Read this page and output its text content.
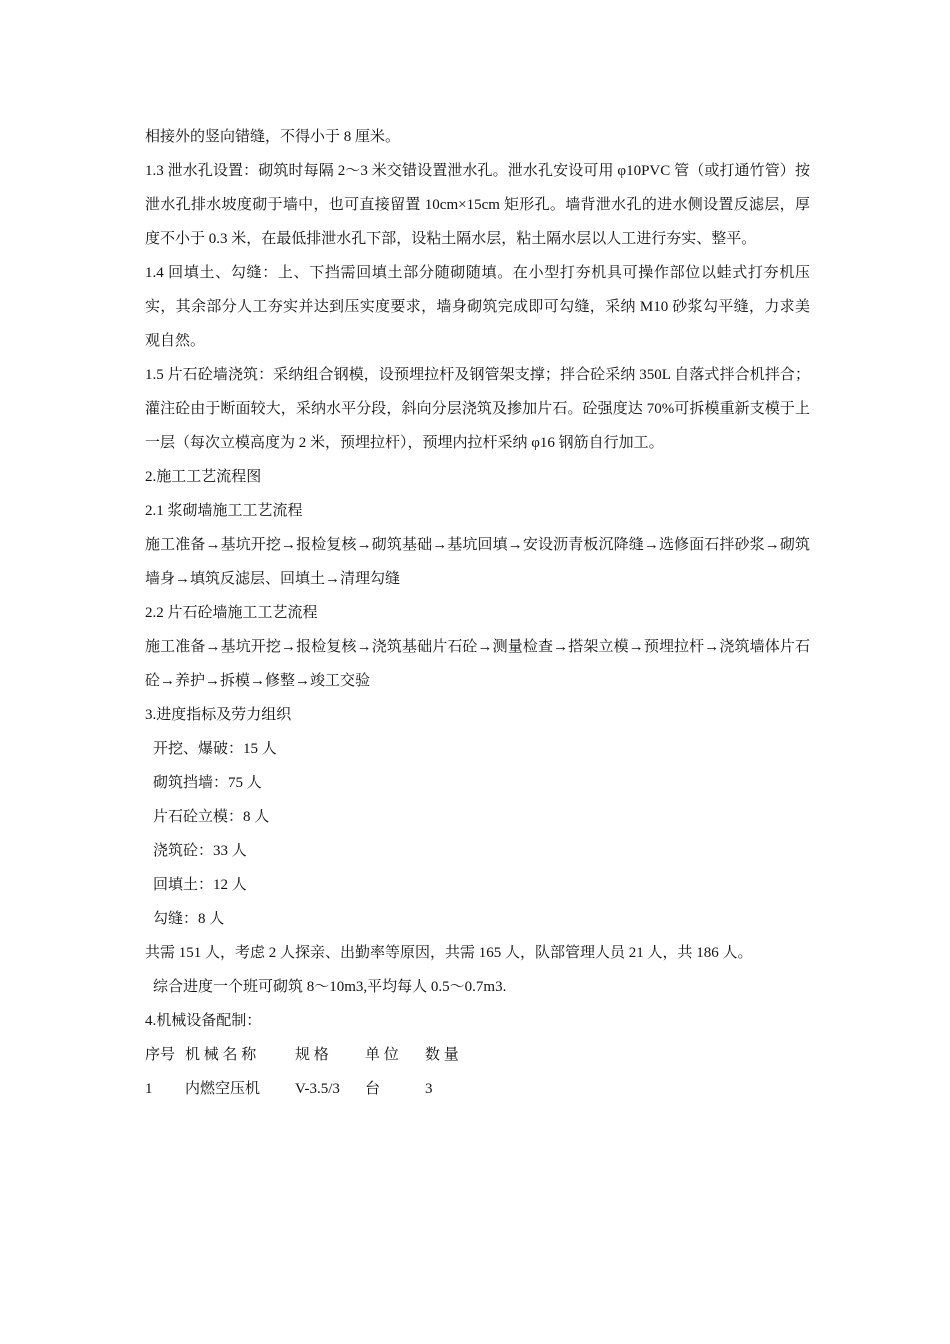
相接外的竖向错缝，不得小于 8 厘米。

1.3 泄水孔设置：砌筑时每隔 2～3 米交错设置泄水孔。泄水孔安设可用 φ10PVC 管（或打通竹管）按泄水孔排水坡度砌于墙中，也可直接留置 10cm×15cm 矩形孔。墙背泄水孔的进水侧设置反滤层，厚度不小于 0.3 米，在最低排泄水孔下部，设粘土隔水层，粘土隔水层以人工进行夯实、整平。

1.4 回填土、勾缝：上、下挡需回填土部分随砌随填。在小型打夯机具可操作部位以蛙式打夯机压实，其余部分人工夯实并达到压实度要求，墙身砌筑完成即可勾缝，采纳 M10 砂浆勾平缝，力求美观自然。

1.5 片石砼墙浇筑：采纳组合钢模，设预埋拉杆及钢管架支撑；拌合砼采纳 350L 自落式拌合机拌合；灌注砼由于断面较大，采纳水平分段，斜向分层浇筑及掺加片石。砼强度达 70%可拆模重新支模于上一层（每次立模高度为 2 米，预埋拉杆），预埋内拉杆采纳 φ16 钢筋自行加工。

2.施工工艺流程图

2.1 浆砌墙施工工艺流程

施工准备→基坑开挖→报检复核→砌筑基础→基坑回填→安设沥青板沉降缝→选修面石拌砂浆→砌筑墙身→填筑反滤层、回填土→清理勾缝

2.2 片石砼墙施工工艺流程

施工准备→基坑开挖→报检复核→浇筑基础片石砼→测量检查→搭架立模→预埋拉杆→浇筑墙体片石砼→养护→拆模→修整→竣工交验

3.进度指标及劳力组织

开挖、爆破：15 人

砌筑挡墙：75 人

片石砼立模：8 人

浇筑砼：33 人

回填土：12 人

勾缝：8 人

共需 151 人，考虑 2 人探亲、出勤率等原因，共需 165 人，队部管理人员 21 人，共 186 人。

综合进度一个班可砌筑 8～10m3,平均每人 0.5～0.7m3.

4.机械设备配制：

序号 机 械 名 称	规 格	单 位	数 量
1	内燃空压机	V-3.5/3	台	3
